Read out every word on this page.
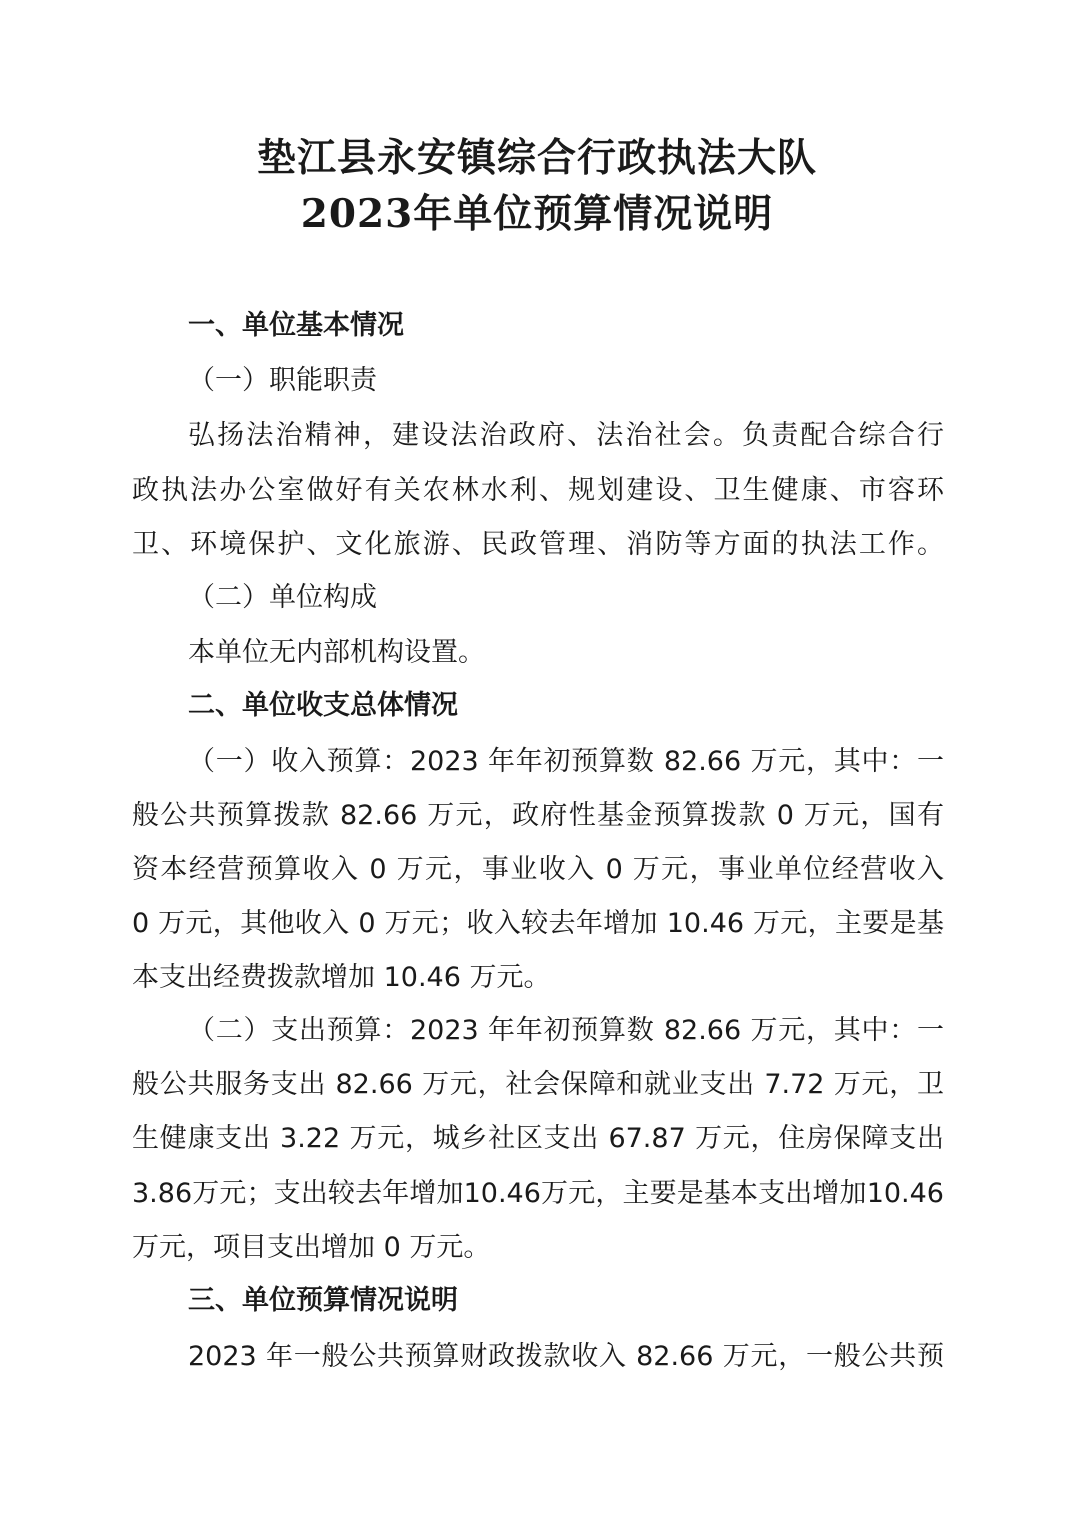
垫江县永安镇综合行政执法大队
2023年单位预算情况说明

一、单位基本情况

（一）职能职责

弘扬法治精神，建设法治政府、法治社会。负责配合综合行

政执法办公室做好有关农林水利、规划建设、卫生健康、市容环

卫、环境保护、文化旅游、民政管理、消防等方面的执法工作。

（二）单位构成

本单位无内部机构设置。

二、单位收支总体情况

（一）收入预算：2023 年年初预算数 82.66 万元，其中：一

般公共预算拨款 82.66 万元，政府性基金预算拨款 0 万元，国有

资本经营预算收入 0 万元，事业收入 0 万元，事业单位经营收入

0 万元，其他收入 0 万元；收入较去年增加 10.46 万元，主要是基

本支出经费拨款增加 10.46 万元。

（二）支出预算：2023 年年初预算数 82.66 万元，其中：一

般公共服务支出 82.66 万元，社会保障和就业支出 7.72 万元，卫

生健康支出 3.22 万元，城乡社区支出 67.87 万元，住房保障支出

3.86万元；支出较去年增加10.46万元，主要是基本支出增加10.46

万元，项目支出增加 0 万元。

三、单位预算情况说明

2023 年一般公共预算财政拨款收入 82.66 万元，一般公共预
